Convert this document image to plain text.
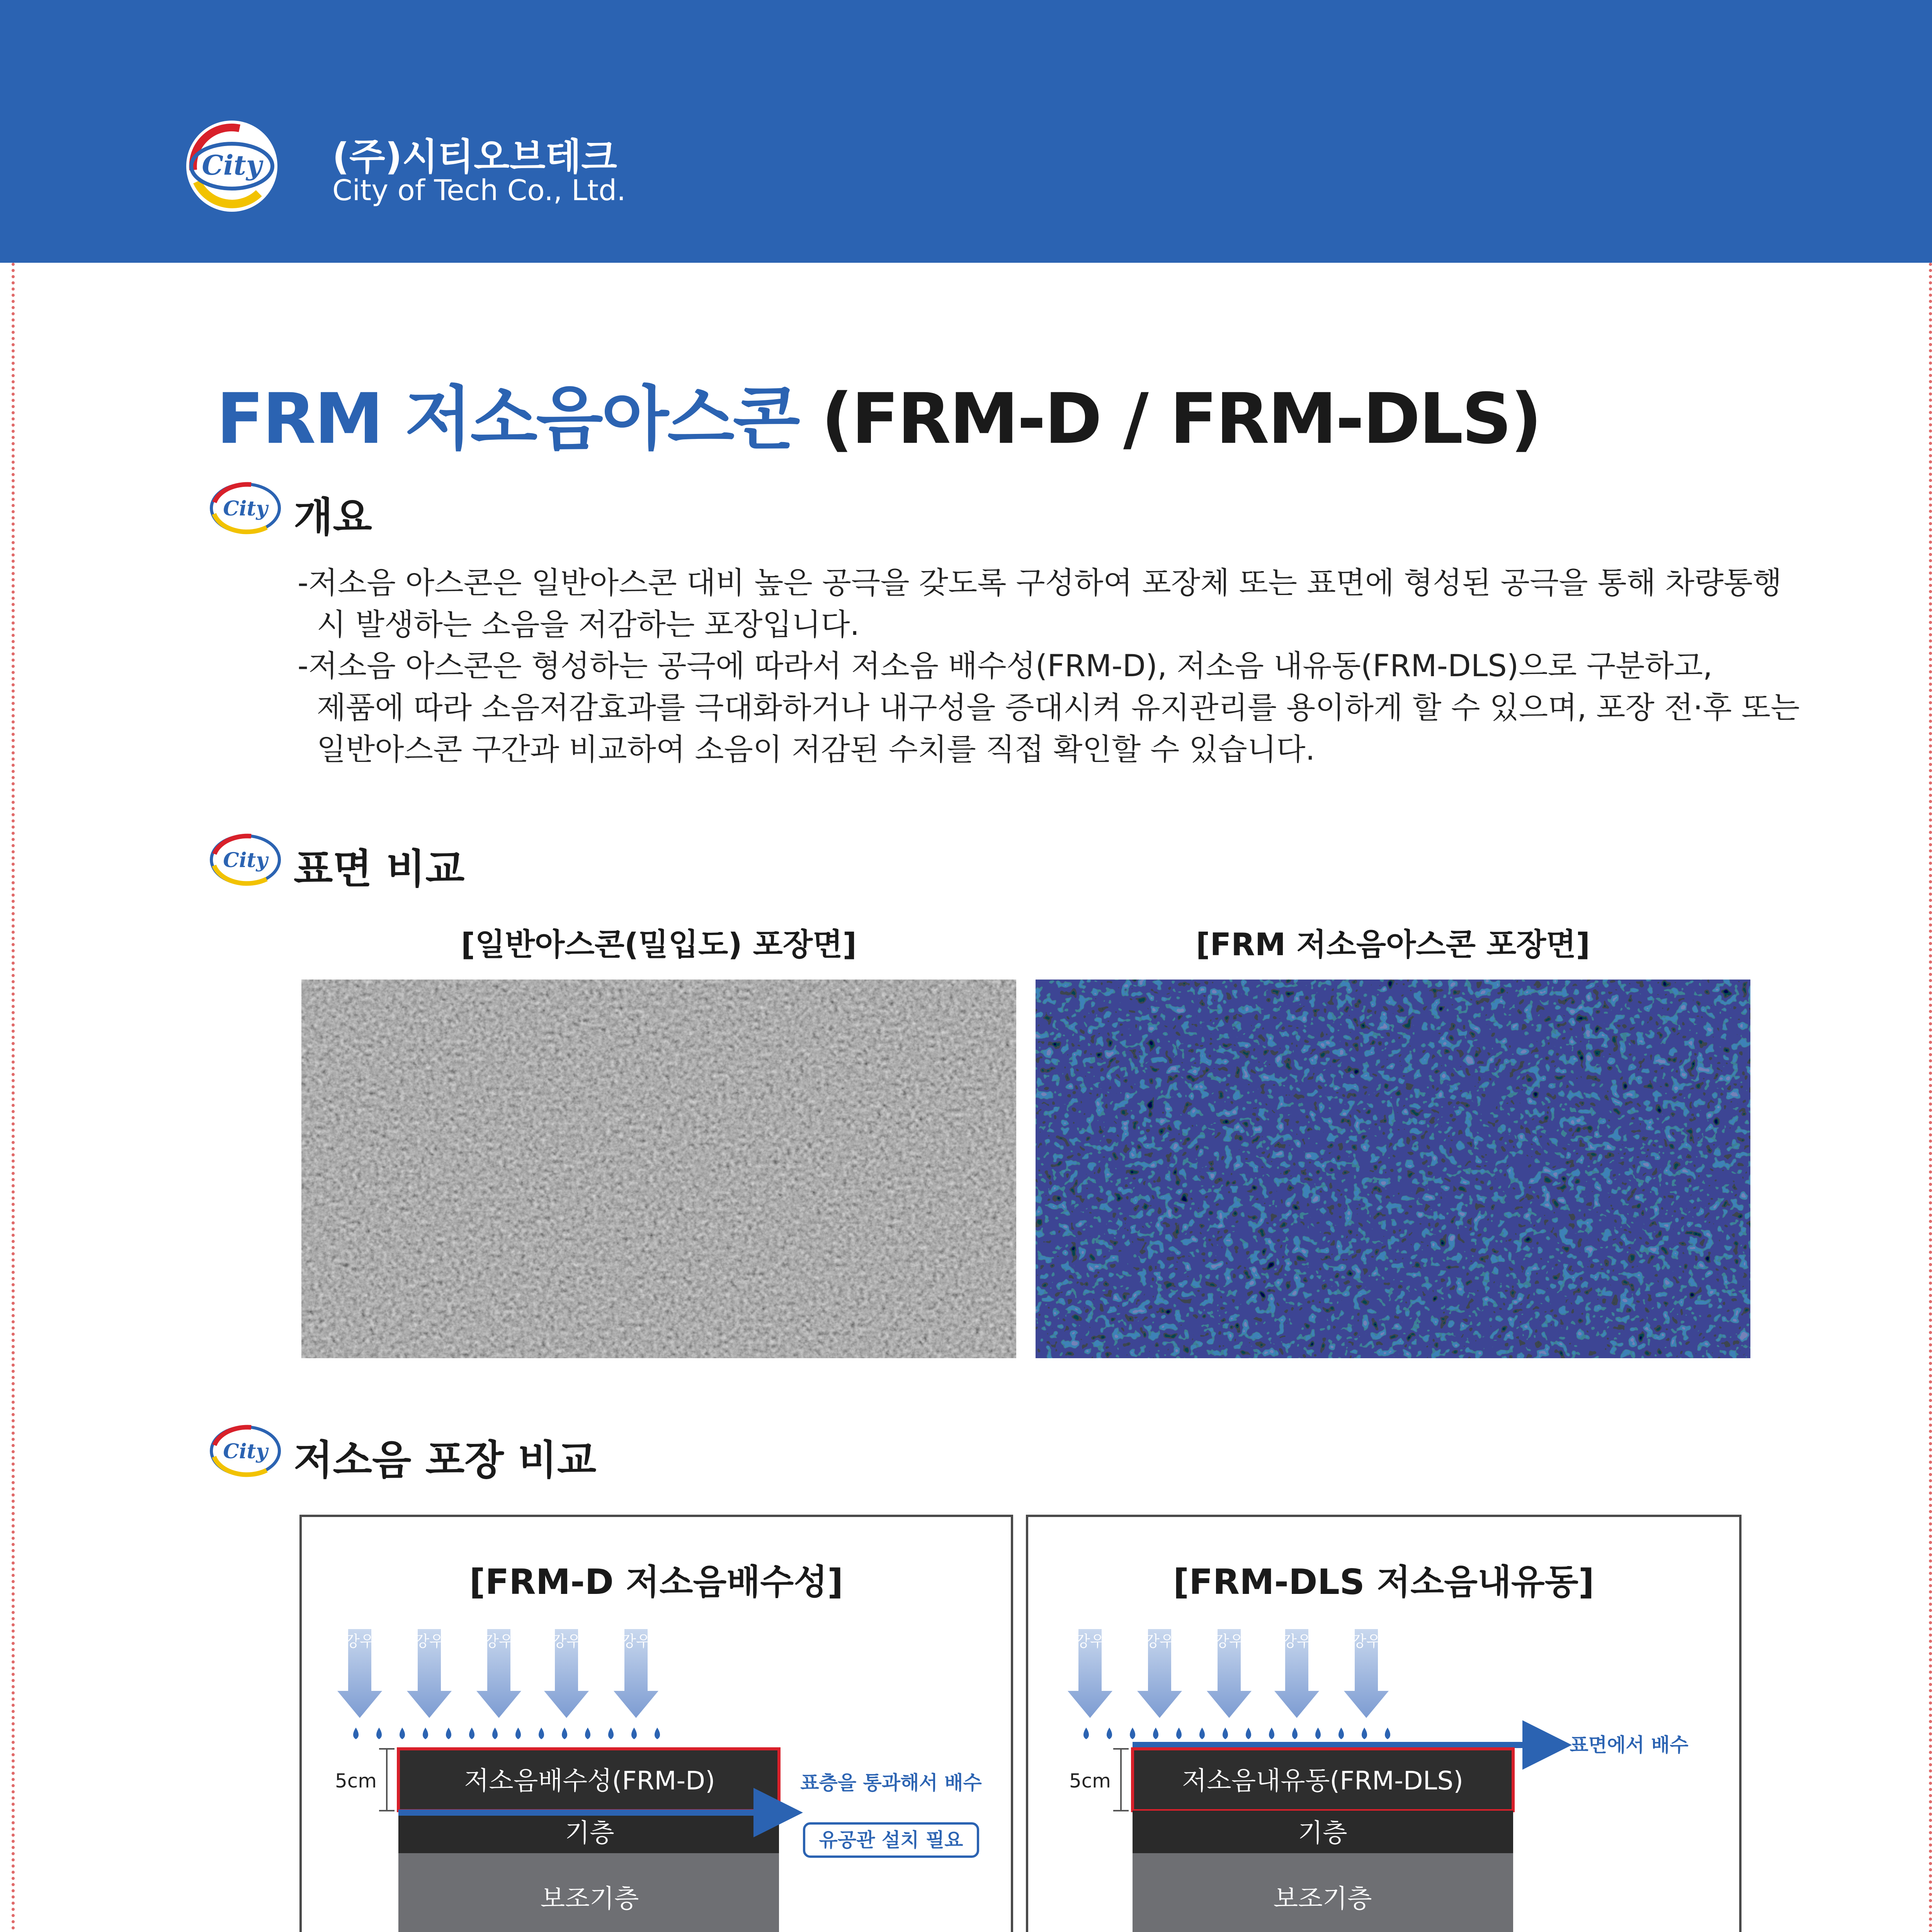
City (주)시티오브테크
City of Tech Co., Ltd.
FRM 저소음아스콘 (FRM-D / FRM-DLS)
City 개요
-저소음 아스콘은 일반아스콘 대비 높은 공극을 갖도록 구성하여 포장체 또는 표면에 형성된 공극을 통해 차량통행
시 발생하는 소음을 저감하는 포장입니다.
-저소음 아스콘은 형성하는 공극에 따라서 저소음 배수성(FRM-D), 저소음 내유동(FRM-DLS)으로 구분하고,
제품에 따라 소음저감효과를 극대화하거나 내구성을 증대시켜 유지관리를 용이하게 할 수 있으며, 포장 전·후 또는
일반아스콘 구간과 비교하여 소음이 저감된 수치를 직접 확인할 수 있습니다.
City 표면 비교
[일반아스콘(밀입도) 포장면]	[FRM 저소음아스콘 포장면]
City 저소음 포장 비교
[FRM-D 저소음배수성]
강우	강우	강우 강우	강우
5cm	저소음배수성(FRM-D)
기층
보조기층
표층을 통과해서 배수
유공관 설치 필요
[FRM-DLS 저소음내유동]
강우	강우	강우 강우	강우
5cm	저소음내유동(FRM-DLS)
기층
보조기층
표면에서 배수
